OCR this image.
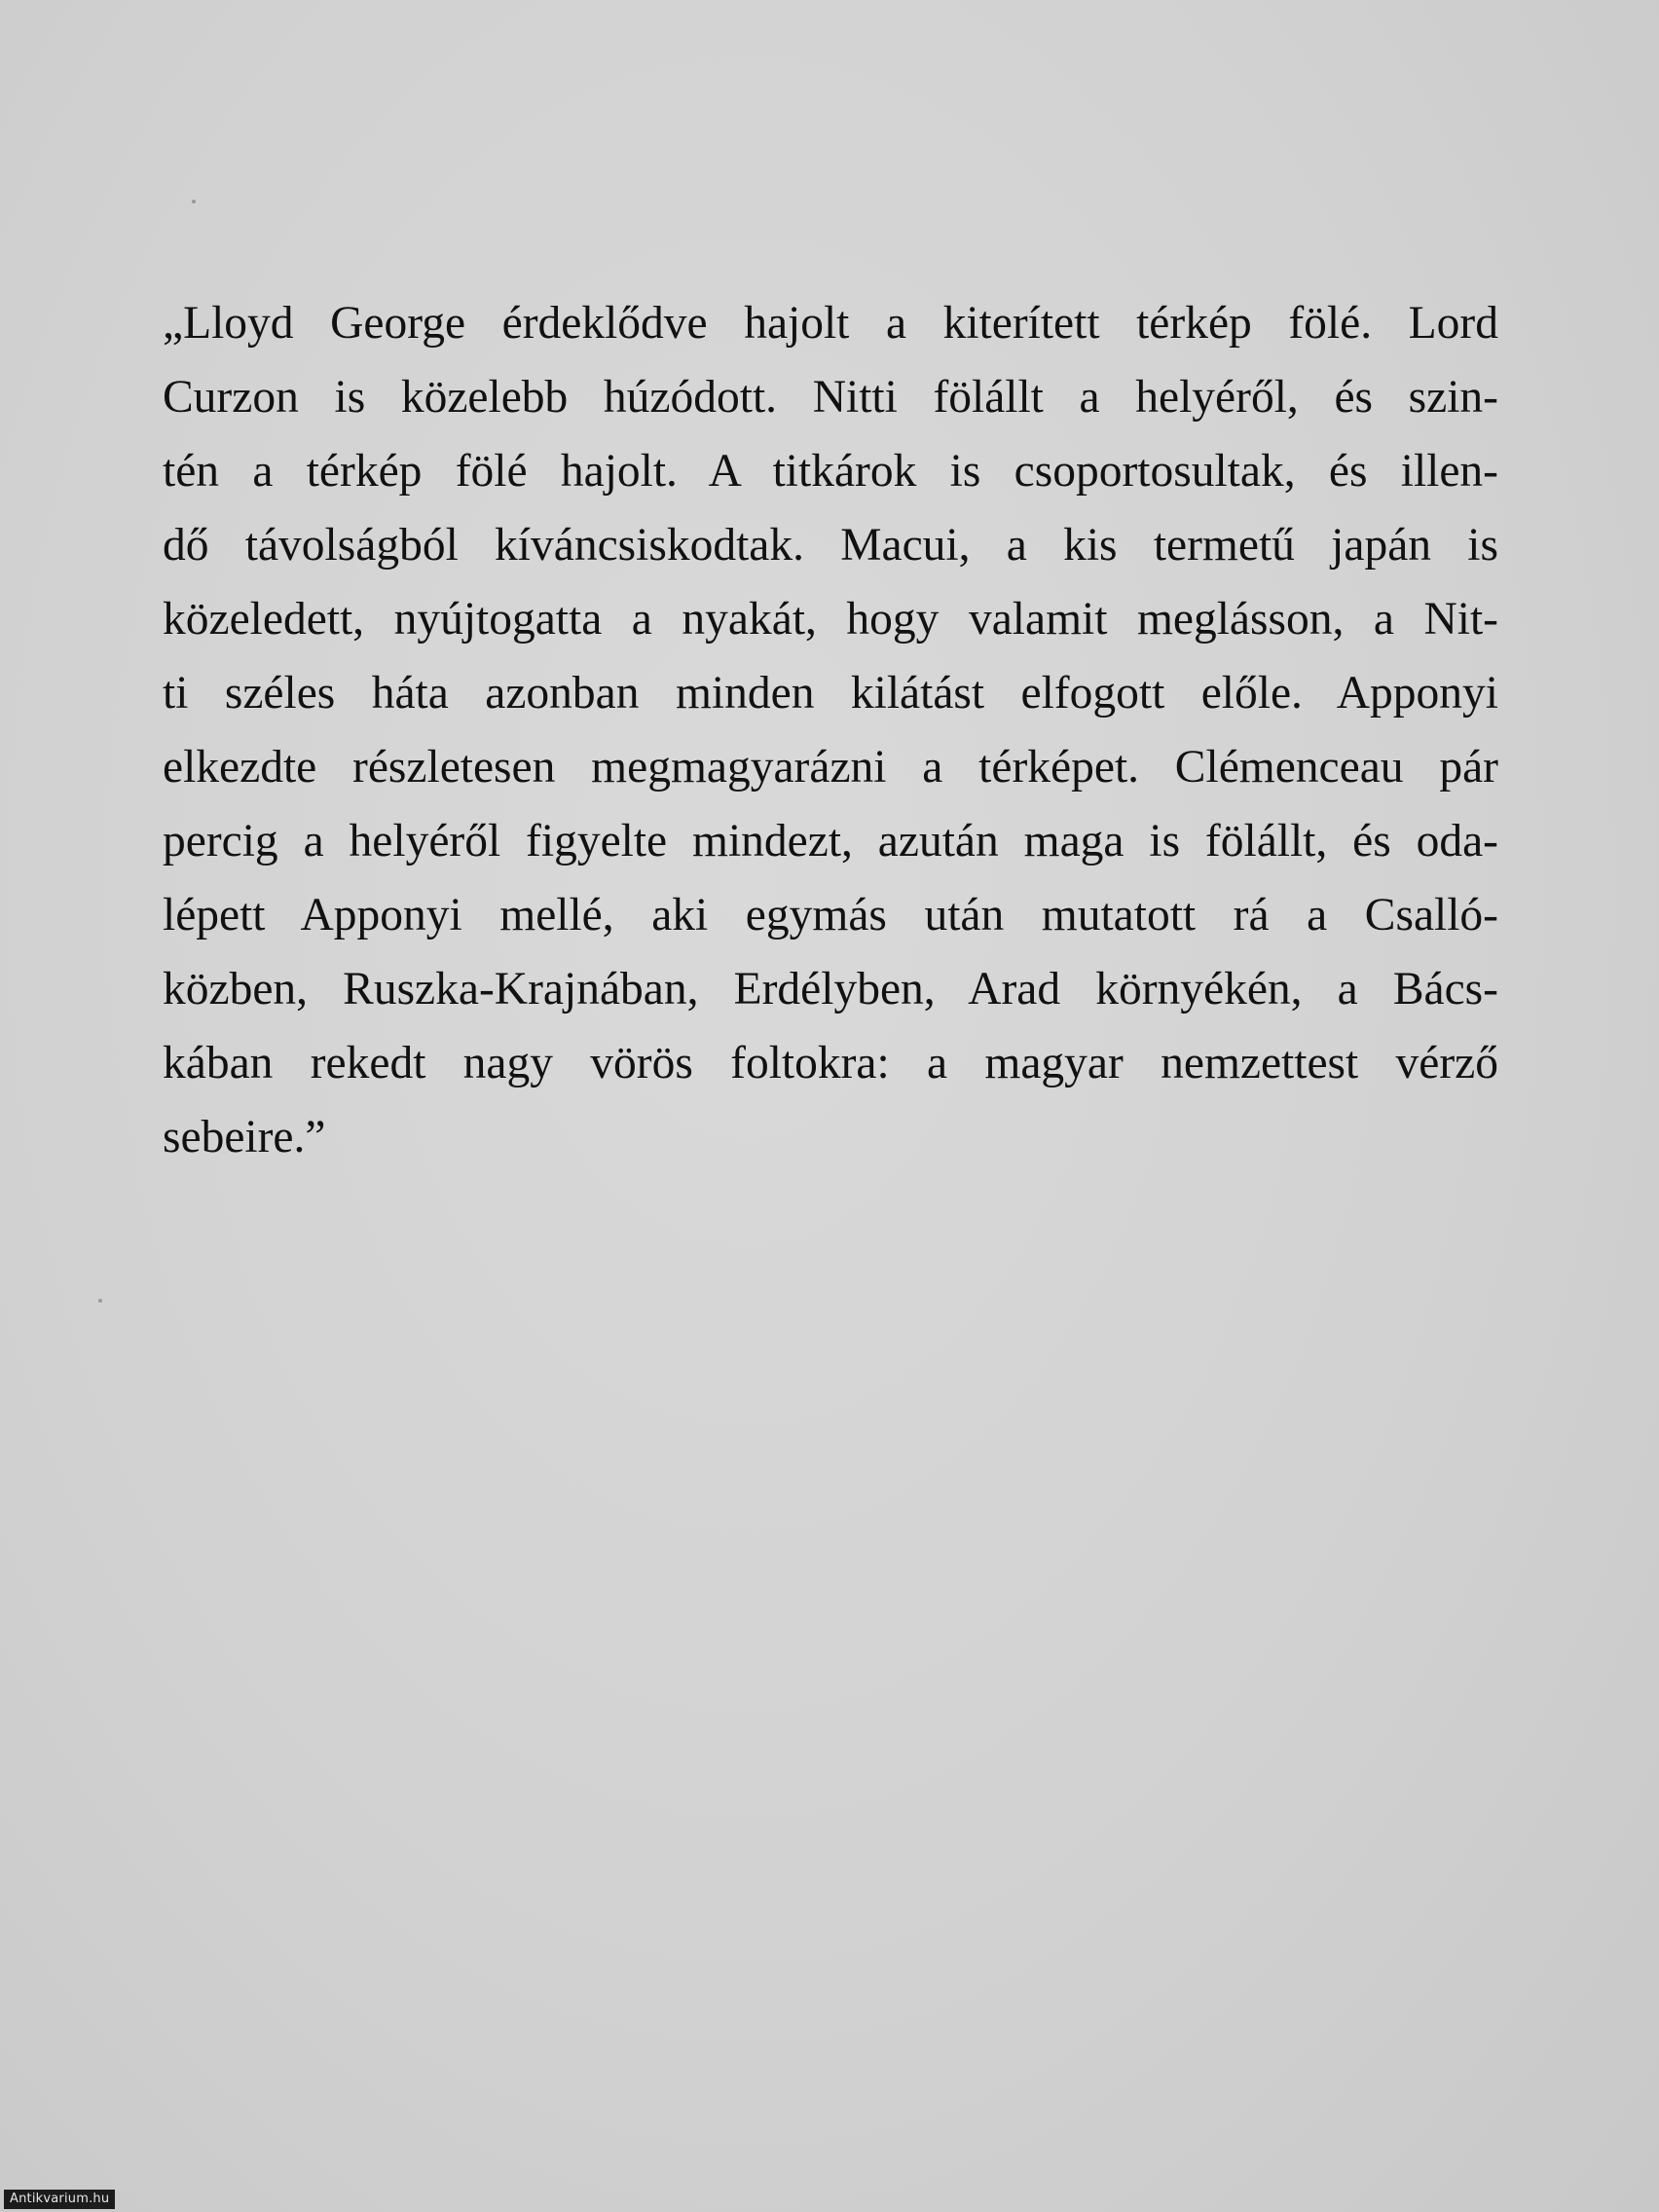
„Lloyd George érdeklődve hajolt a kiterített térkép fölé. Lord
Curzon is közelebb húzódott. Nitti fölállt a helyéről, és szin-
tén a térkép fölé hajolt. A titkárok is csoportosultak, és illen-
dő távolságból kíváncsiskodtak. Macui, a kis termetű japán is
közeledett, nyújtogatta a nyakát, hogy valamit meglásson, a Nit-
ti széles háta azonban minden kilátást elfogott előle. Apponyi
elkezdte részletesen megmagyarázni a térképet. Clémenceau pár
percig a helyéről figyelte mindezt, azután maga is fölállt, és oda-
lépett Apponyi mellé, aki egymás után mutatott rá a Csalló-
közben, Ruszka-Krajnában, Erdélyben, Arad környékén, a Bács-
kában rekedt nagy vörös foltokra: a magyar nemzettest vérző
sebeire.”
Antikvarium.hu
